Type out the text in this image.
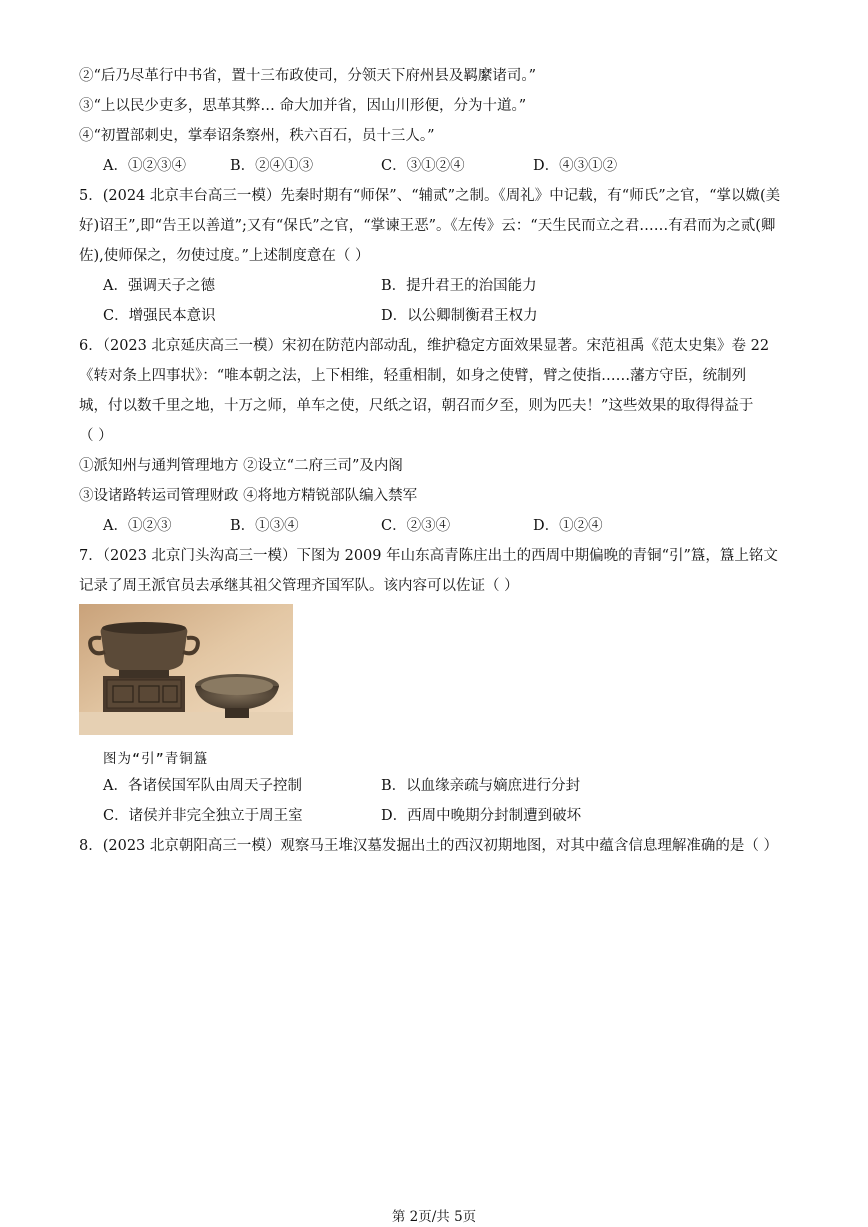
②“后乃尽革行中书省，置十三布政使司，分领天下府州县及羁縻诸司。”
③“上以民少吏多，思革其弊… 命大加并省，因山川形便，分为十道。”
④“初置部刺史，掌奉诏条察州，秩六百石，员十三人。”
A．①②③④	B．②④①③	C．③①②④	D．④③①②
5．(2024 北京丰台高三一模）先秦时期有“师保”、“辅贰”之制。《周礼》中记载，有“师氏”之官，“掌以媺(美
好)诏王”,即“告王以善道”;又有“保氏”之官，“掌谏王恶”。《左传》云：“天生民而立之君……有君而为之贰(卿
佐),使师保之，勿使过度。”上述制度意在（ ）
A．强调天子之德	B．提升君王的治国能力
C．增强民本意识	D．以公卿制衡君王权力
6．（2023 北京延庆高三一模）宋初在防范内部动乱，维护稳定方面效果显著。宋范祖禹《范太史集》卷 22
《转对条上四事状》：“唯本朝之法，上下相维，轻重相制，如身之使臂，臂之使指……藩方守臣，统制列
城，付以数千里之地，十万之师，单车之使，尺纸之诏，朝召而夕至，则为匹夫！”这些效果的取得得益于
（ ）
①派知州与通判管理地方 ②设立“二府三司”及内阁
③设诸路转运司管理财政 ④将地方精锐部队编入禁军
A．①②③	B．①③④	C．②③④	D．①②④
7．（2023 北京门头沟高三一模）下图为 2009 年山东高青陈庄出土的西周中期偏晚的青铜“引”簋，簋上铭文
记录了周王派官员去承继其祖父管理齐国军队。该内容可以佐证（ ）
图为“引”青铜簋
A．各诸侯国军队由周天子控制	B．以血缘亲疏与嫡庶进行分封
C．诸侯并非完全独立于周王室	D．西周中晚期分封制遭到破坏
8．(2023 北京朝阳高三一模）观察马王堆汉墓发掘出土的西汉初期地图，对其中蕴含信息理解准确的是（ ）
第 2页/共 5页
